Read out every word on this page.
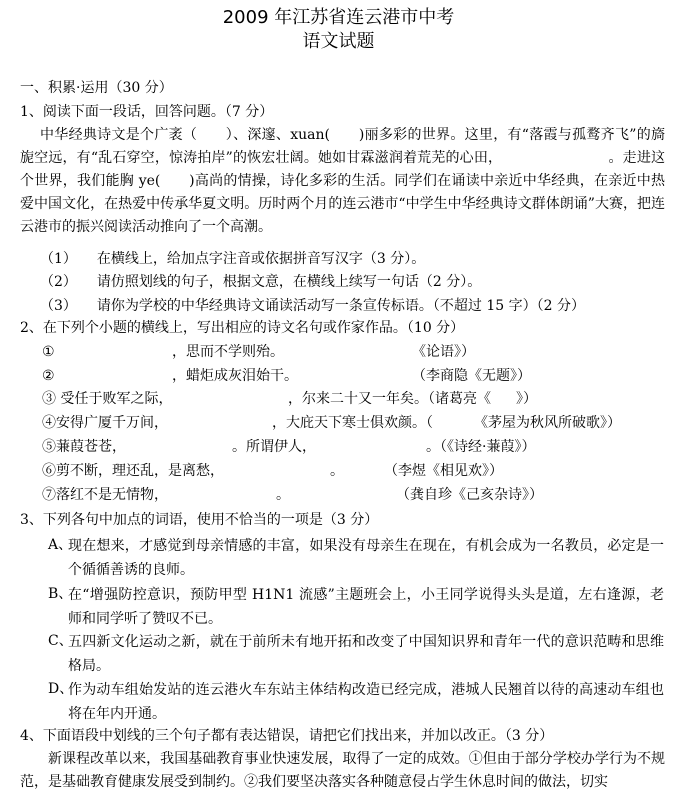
2009 年江苏省连云港市中考
语文试题
一、积累·运用（30 分）
1、阅读下面一段话，回答问题。（7 分）
中华经典诗文是个广袤（　　）、深邃、xuan(　　)丽多彩的世界。这里，有“落霞与孤鹜齐飞”的旖旎空远，有“乱石穿空，惊涛拍岸”的恢宏壮阔。她如甘霖滋润着荒芜的心田，　　　　　　　　。走进这个世界，我们能胸 ye(　　)高尚的情操，诗化多彩的生活。同学们在诵读中亲近中华经典，在亲近中热爱中国文化，在热爱中传承华夏文明。历时两个月的连云港市“中学生中华经典诗文群体朗诵”大赛，把连云港市的振兴阅读活动推向了一个高潮。
（1） 在横线上，给加点字注音或依据拼音写汉字（3 分）。
（2） 请仿照划线的句子，根据文意，在横线上续写一句话（2 分）。
（3） 请你为学校的中华经典诗文诵读活动写一条宣传标语。（不超过 15 字）（2 分）
2、在下列个小题的横线上，写出相应的诗文名句或作家作品。（10 分）
①	，思而不学则殆。	《论语》）
②	，蜡炬成灰泪始干。	（李商隐《无题》）
③ 受任于败军之际，	，尔来二十又一年矣。（诸葛亮《 》）
④安得广厦千万间，	，大庇天下寒士俱欢颜。（	《茅屋为秋风所破歌》）
⑤蒹葭苍苍，	。所谓伊人，	。（《诗经·蒹葭》）
⑥剪不断，理还乱，是离愁，	。	（李煜《相见欢》）
⑦落红不是无情物，	。	（龚自珍《己亥杂诗》）
3、下列各句中加点的词语，使用不恰当的一项是（3 分）
A、
现在想来，才感觉到母亲情感的丰富，如果没有母亲生在现在，有机会成为一名教员，必定是一个循循善诱的良师。
B、
在“增强防控意识，预防甲型 H1N1 流感”主题班会上，小王同学说得头头是道，左右逢源，老师和同学听了赞叹不已。
C、
五四新文化运动之新，就在于前所未有地开拓和改变了中国知识界和青年一代的意识范畴和思维格局。
D、
作为动车组始发站的连云港火车东站主体结构改造已经完成，港城人民翘首以待的高速动车组也将在年内开通。
4、下面语段中划线的三个句子都有表达错误，请把它们找出来，并加以改正。（3 分）
新课程改革以来，我国基础教育事业快速发展，取得了一定的成效。①但由于部分学校办学行为不规范，是基础教育健康发展受到制约。②我们要坚决落实各种随意侵占学生休息时间的做法，切实
